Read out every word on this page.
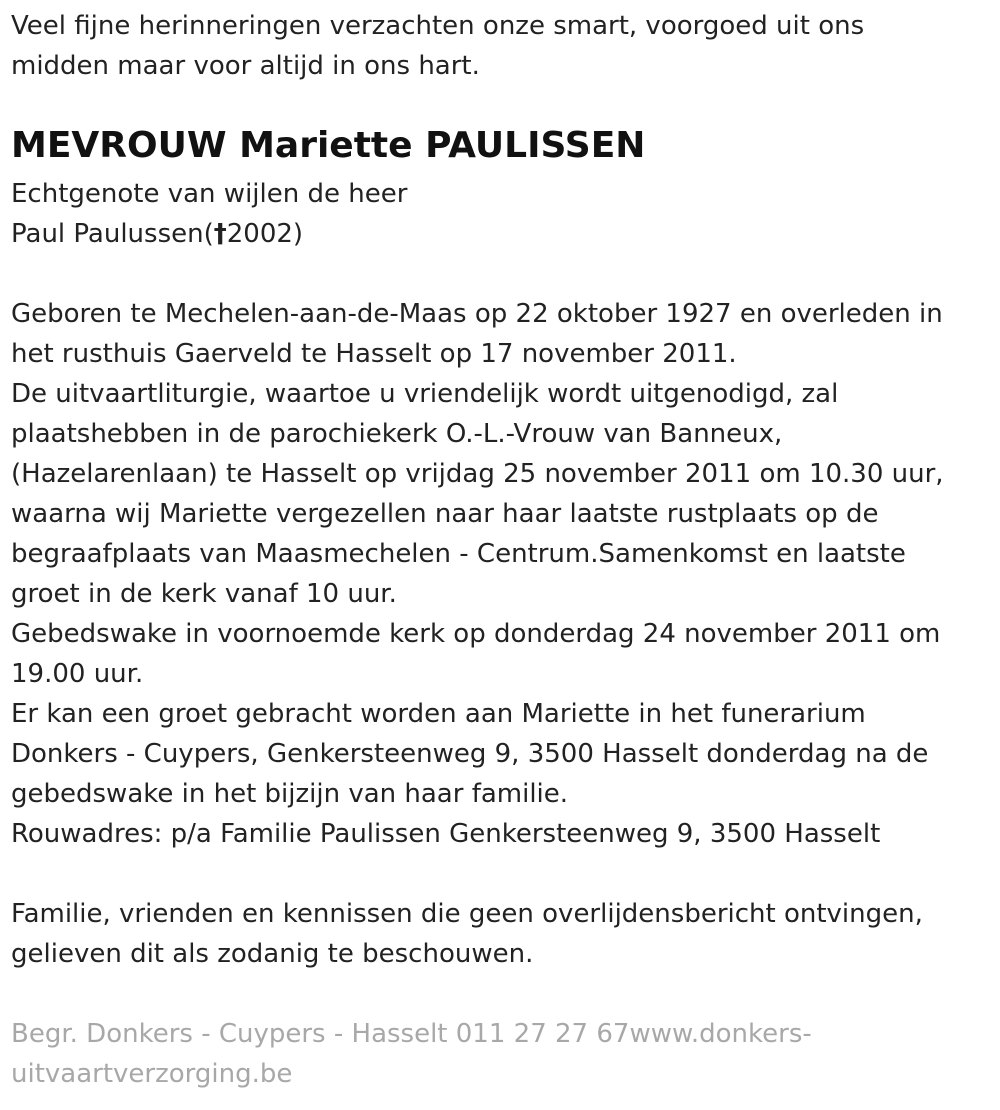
Veel fijne herinneringen verzachten onze smart, voorgoed uit ons

midden maar voor altijd in ons hart.

MEVROUW Mariette PAULISSEN

Echtgenote van wijlen de heer

Paul Paulussen(†2002)

Geboren te Mechelen-aan-de-Maas op 22 oktober 1927 en overleden in

het rusthuis Gaerveld te Hasselt op 17 november 2011.

De uitvaartliturgie, waartoe u vriendelijk wordt uitgenodigd, zal

plaatshebben in de parochiekerk O.-L.-Vrouw van Banneux,

(Hazelarenlaan) te Hasselt op vrijdag 25 november 2011 om 10.30 uur,

waarna wij Mariette vergezellen naar haar laatste rustplaats op de

begraafplaats van Maasmechelen - Centrum.Samenkomst en laatste

groet in de kerk vanaf 10 uur.

Gebedswake in voornoemde kerk op donderdag 24 november 2011 om

19.00 uur.

Er kan een groet gebracht worden aan Mariette in het funerarium

Donkers - Cuypers, Genkersteenweg 9, 3500 Hasselt donderdag na de

gebedswake in het bijzijn van haar familie.

Rouwadres: p/a Familie Paulissen Genkersteenweg 9, 3500 Hasselt

Familie, vrienden en kennissen die geen overlijdensbericht ontvingen,

gelieven dit als zodanig te beschouwen.

Begr. Donkers - Cuypers - Hasselt 011 27 27 67www.donkers-

uitvaartverzorging.be
